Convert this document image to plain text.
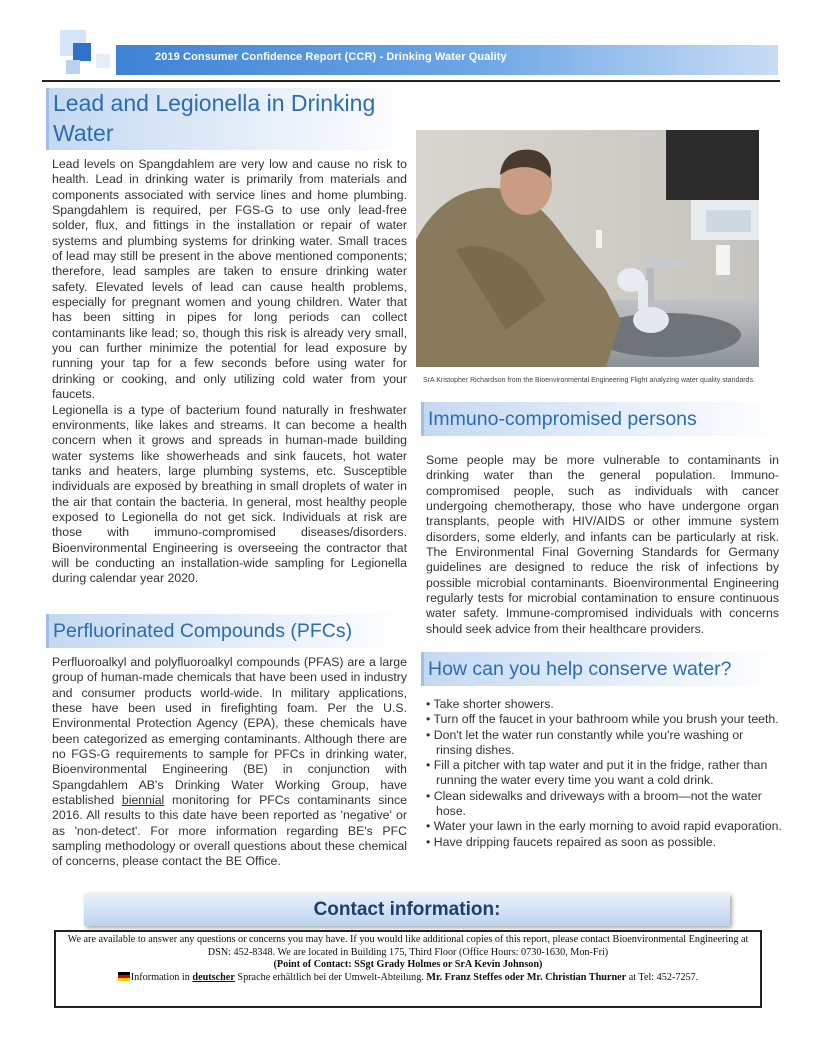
2019 Consumer Confidence Report (CCR) - Drinking Water Quality
Lead and Legionella in Drinking Water
Lead levels on Spangdahlem are very low and cause no risk to health. Lead in drinking water is primarily from materials and components associated with service lines and home plumbing. Spangdahlem is required, per FGS-G to use only lead-free solder, flux, and fittings in the installation or repair of water systems and plumbing systems for drinking water. Small traces of lead may still be present in the above mentioned components; therefore, lead samples are taken to ensure drinking water safety. Elevated levels of lead can cause health problems, especially for pregnant women and young children. Water that has been sitting in pipes for long periods can collect contaminants like lead; so, though this risk is already very small, you can further minimize the potential for lead exposure by running your tap for a few seconds before using water for drinking or cooking, and only utilizing cold water from your faucets.
Legionella is a type of bacterium found naturally in freshwater environments, like lakes and streams. It can become a health concern when it grows and spreads in human-made building water systems like showerheads and sink faucets, hot water tanks and heaters, large plumbing systems, etc. Susceptible individuals are exposed by breathing in small droplets of water in the air that contain the bacteria. In general, most healthy people exposed to Legionella do not get sick. Individuals at risk are those with immuno-compromised diseases/disorders. Bioenvironmental Engineering is overseeing the contractor that will be conducting an installation-wide sampling for Legionella during calendar year 2020.
Perfluorinated Compounds (PFCs)
Perfluoroalkyl and polyfluoroalkyl compounds (PFAS) are a large group of human-made chemicals that have been used in industry and consumer products world-wide. In military applications, these have been used in firefighting foam. Per the U.S. Environmental Protection Agency (EPA), these chemicals have been categorized as emerging contaminants. Although there are no FGS-G requirements to sample for PFCs in drinking water, Bioenvironmental Engineering (BE) in conjunction with Spangdahlem AB's Drinking Water Working Group, have established biennial monitoring for PFCs contaminants since 2016. All results to this date have been reported as 'negative' or as 'non-detect'. For more information regarding BE's PFC sampling methodology or overall questions about these chemical of concerns, please contact the BE Office.
SrA Kristopher Richardson from the Bioenvironmental Engineering Flight analyzing water quality standards.
Immuno-compromised persons
Some people may be more vulnerable to contaminants in drinking water than the general population. Immuno-compromised people, such as individuals with cancer undergoing chemotherapy, those who have undergone organ transplants, people with HIV/AIDS or other immune system disorders, some elderly, and infants can be particularly at risk. The Environmental Final Governing Standards for Germany guidelines are designed to reduce the risk of infections by possible microbial contaminants. Bioenvironmental Engineering regularly tests for microbial contamination to ensure continuous water safety. Immune-compromised individuals with concerns should seek advice from their healthcare providers.
How can you help conserve water?
• Take shorter showers.
• Turn off the faucet in your bathroom while you brush your teeth.
• Don't let the water run constantly while you're washing or rinsing dishes.
• Fill a pitcher with tap water and put it in the fridge, rather than running the water every time you want a cold drink.
• Clean sidewalks and driveways with a broom—not the water hose.
• Water your lawn in the early morning to avoid rapid evaporation.
• Have dripping faucets repaired as soon as possible.
Contact information:

We are available to answer any questions or concerns you may have. If you would like additional copies of this report, please contact Bioenvironmental Engineering at DSN: 452-8348. We are located in Building 175, Third Floor (Office Hours: 0730-1630, Mon-Fri)

(Point of Contact: SSgt Grady Holmes or SrA Kevin Johnson)

Information in deutscher Sprache erhältlich bei der Umwelt-Abteilung. Mr. Franz Steffes oder Mr. Christian Thurner at Tel: 452-7257.
